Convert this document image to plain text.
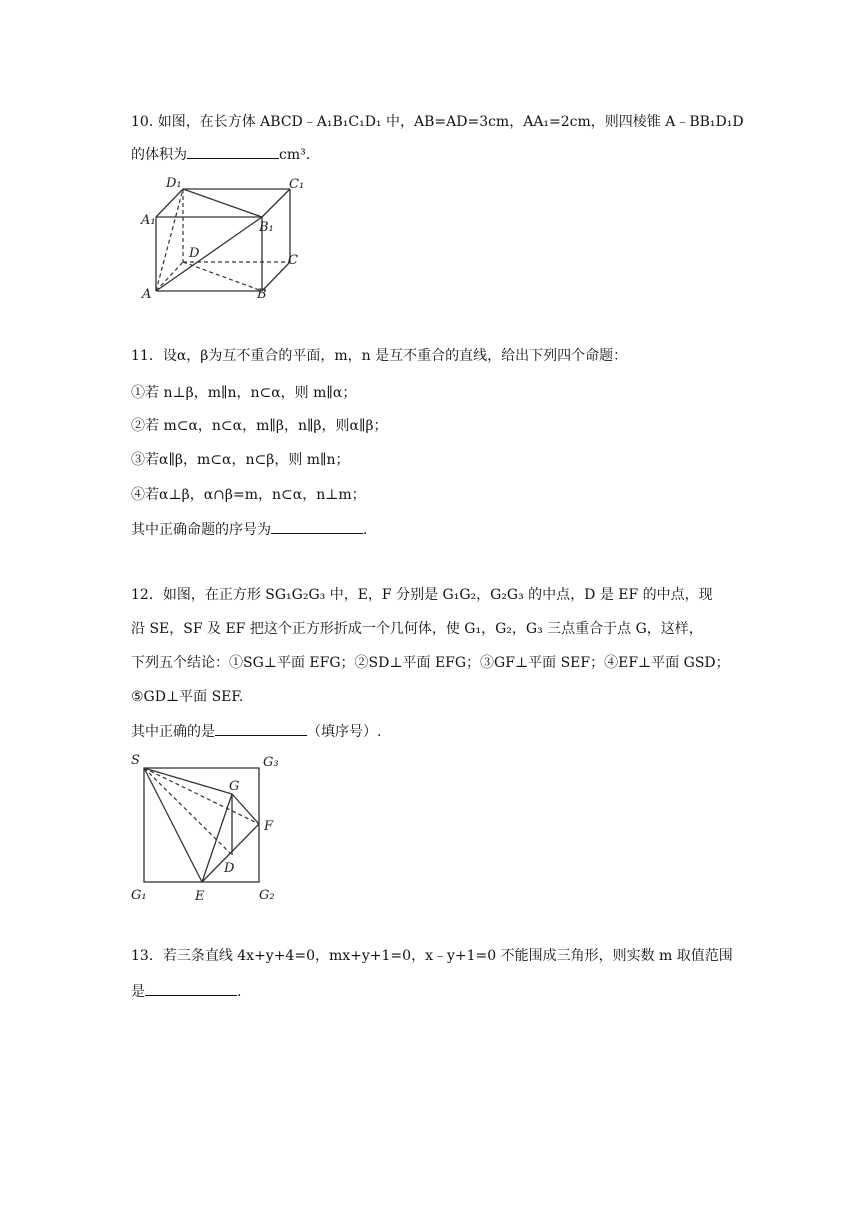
10. 如图，在长方体 ABCD﹣A₁B₁C₁D₁ 中，AB=AD=3cm，AA₁=2cm，则四棱锥 A﹣BB₁D₁D
的体积为	cm³.
D₁	C₁
A₁	B₁
D	C
A	B
11．设α，β为互不重合的平面，m，n 是互不重合的直线，给出下列四个命题：
①若 n⊥β，m∥n，n⊂α，则 m∥α；
②若 m⊂α，n⊂α，m∥β，n∥β，则α∥β；
③若α∥β，m⊂α，n⊂β，则 m∥n；
④若α⊥β，α∩β=m，n⊂α，n⊥m；
其中正确命题的序号为	.
12．如图，在正方形 SG₁G₂G₃ 中，E，F 分别是 G₁G₂，G₂G₃ 的中点，D 是 EF 的中点，现
沿 SE，SF 及 EF 把这个正方形折成一个几何体，使 G₁，G₂，G₃ 三点重合于点 G，这样，
下列五个结论：①SG⊥平面 EFG；②SD⊥平面 EFG；③GF⊥平面 SEF；④EF⊥平面 GSD；
⑤GD⊥平面 SEF.
其中正确的是	（填序号）.
S	G₃
G
F
D
G₁	E	G₂
13．若三条直线 4x+y+4=0，mx+y+1=0，x﹣y+1=0 不能围成三角形，则实数 m 取值范围
是	.
